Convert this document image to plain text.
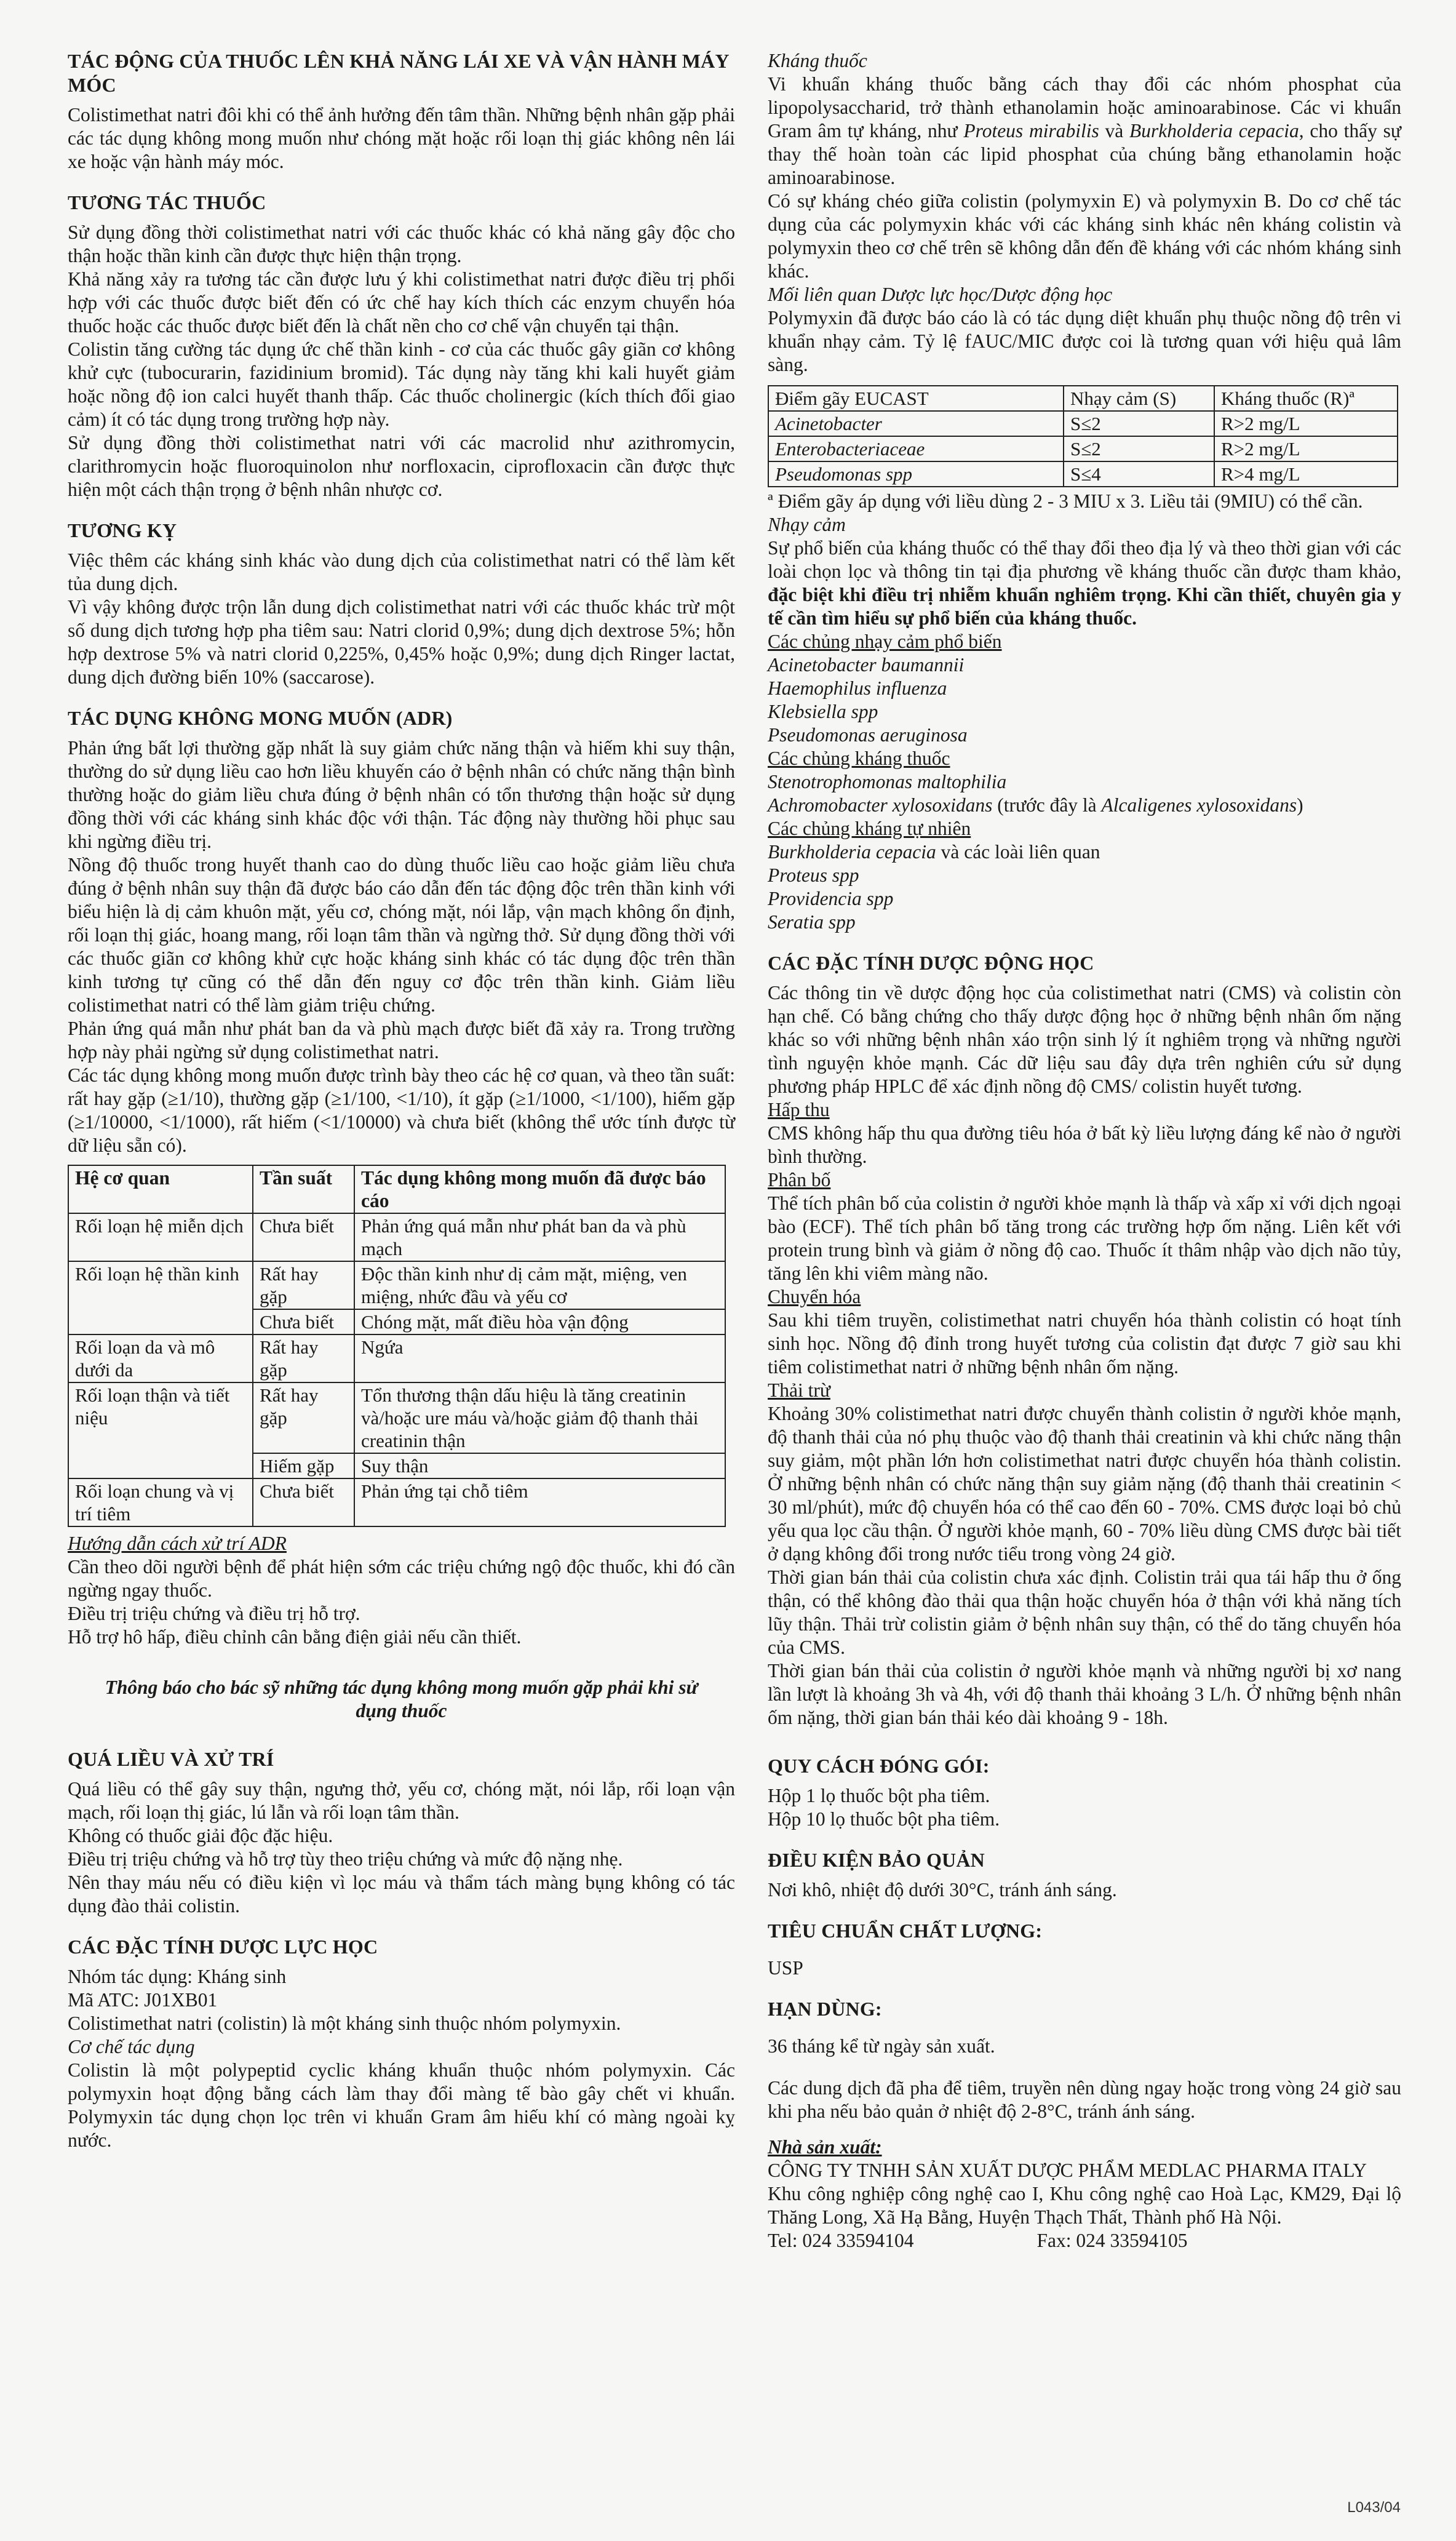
TÁC ĐỘNG CỦA THUỐC LÊN KHẢ NĂNG LÁI XE VÀ VẬN HÀNH MÁY MÓC

Colistimethat natri đôi khi có thể ảnh hưởng đến tâm thần. Những bệnh nhân gặp phải các tác dụng không mong muốn như chóng mặt hoặc rối loạn thị giác không nên lái xe hoặc vận hành máy móc.

TƯƠNG TÁC THUỐC

Sử dụng đồng thời colistimethat natri với các thuốc khác có khả năng gây độc cho thận hoặc thần kinh cần được thực hiện thận trọng.

Khả năng xảy ra tương tác cần được lưu ý khi colistimethat natri được điều trị phối hợp với các thuốc được biết đến có ức chế hay kích thích các enzym chuyển hóa thuốc hoặc các thuốc được biết đến là chất nền cho cơ chế vận chuyển tại thận.

Colistin tăng cường tác dụng ức chế thần kinh - cơ của các thuốc gây giãn cơ không khử cực (tubocurarin, fazidinium bromid). Tác dụng này tăng khi kali huyết giảm hoặc nồng độ ion calci huyết thanh thấp. Các thuốc cholinergic (kích thích đối giao cảm) ít có tác dụng trong trường hợp này.

Sử dụng đồng thời colistimethat natri với các macrolid như azithromycin, clarithromycin hoặc fluoroquinolon như norfloxacin, ciprofloxacin cần được thực hiện một cách thận trọng ở bệnh nhân nhược cơ.

TƯƠNG KỴ

Việc thêm các kháng sinh khác vào dung dịch của colistimethat natri có thể làm kết tủa dung dịch.

Vì vậy không được trộn lẫn dung dịch colistimethat natri với các thuốc khác trừ một số dung dịch tương hợp pha tiêm sau: Natri clorid 0,9%; dung dịch dextrose 5%; hỗn hợp dextrose 5% và natri clorid 0,225%, 0,45% hoặc 0,9%; dung dịch Ringer lactat, dung dịch đường biến 10% (saccarose).

TÁC DỤNG KHÔNG MONG MUỐN (ADR)

Phản ứng bất lợi thường gặp nhất là suy giảm chức năng thận và hiếm khi suy thận, thường do sử dụng liều cao hơn liều khuyến cáo ở bệnh nhân có chức năng thận bình thường hoặc do giảm liều chưa đúng ở bệnh nhân có tổn thương thận hoặc sử dụng đồng thời với các kháng sinh khác độc với thận. Tác động này thường hồi phục sau khi ngừng điều trị.

Nồng độ thuốc trong huyết thanh cao do dùng thuốc liều cao hoặc giảm liều chưa đúng ở bệnh nhân suy thận đã được báo cáo dẫn đến tác động độc trên thần kinh với biểu hiện là dị cảm khuôn mặt, yếu cơ, chóng mặt, nói lắp, vận mạch không ổn định, rối loạn thị giác, hoang mang, rối loạn tâm thần và ngừng thở. Sử dụng đồng thời với các thuốc giãn cơ không khử cực hoặc kháng sinh khác có tác dụng độc trên thần kinh tương tự cũng có thể dẫn đến nguy cơ độc trên thần kinh. Giảm liều colistimethat natri có thể làm giảm triệu chứng.

Phản ứng quá mẫn như phát ban da và phù mạch được biết đã xảy ra. Trong trường hợp này phải ngừng sử dụng colistimethat natri.

Các tác dụng không mong muốn được trình bày theo các hệ cơ quan, và theo tần suất: rất hay gặp (≥1/10), thường gặp (≥1/100, <1/10), ít gặp (≥1/1000, <1/100), hiếm gặp (≥1/10000, <1/1000), rất hiếm (<1/10000) và chưa biết (không thể ước tính được từ dữ liệu sẵn có).

Hệ cơ quan	Tần suất	Tác dụng không mong muốn đã được báo cáo
Rối loạn hệ miễn dịch	Chưa biết	Phản ứng quá mẫn như phát ban da và phù mạch
Rối loạn hệ thần kinh	Rất hay gặp	Độc thần kinh như dị cảm mặt, miệng, ven miệng, nhức đầu và yếu cơ
	Chưa biết	Chóng mặt, mất điều hòa vận động
Rối loạn da và mô dưới da	Rất hay gặp	Ngứa
Rối loạn thận và tiết niệu	Rất hay gặp	Tổn thương thận dấu hiệu là tăng creatinin và/hoặc ure máu và/hoặc giảm độ thanh thải creatinin thận
	Hiếm gặp	Suy thận
Rối loạn chung và vị trí tiêm	Chưa biết	Phản ứng tại chỗ tiêm

Hướng dẫn cách xử trí ADR

Cần theo dõi người bệnh để phát hiện sớm các triệu chứng ngộ độc thuốc, khi đó cần ngừng ngay thuốc.

Điều trị triệu chứng và điều trị hỗ trợ.

Hỗ trợ hô hấp, điều chỉnh cân bằng điện giải nếu cần thiết.

Thông báo cho bác sỹ những tác dụng không mong muốn gặp phải khi sử dụng thuốc

QUÁ LIỀU VÀ XỬ TRÍ

Quá liều có thể gây suy thận, ngưng thở, yếu cơ, chóng mặt, nói lắp, rối loạn vận mạch, rối loạn thị giác, lú lẫn và rối loạn tâm thần.

Không có thuốc giải độc đặc hiệu.

Điều trị triệu chứng và hỗ trợ tùy theo triệu chứng và mức độ nặng nhẹ.

Nên thay máu nếu có điều kiện vì lọc máu và thẩm tách màng bụng không có tác dụng đào thải colistin.

CÁC ĐẶC TÍNH DƯỢC LỰC HỌC

Nhóm tác dụng: Kháng sinh

Mã ATC: J01XB01

Colistimethat natri (colistin) là một kháng sinh thuộc nhóm polymyxin.

Cơ chế tác dụng

Colistin là một polypeptid cyclic kháng khuẩn thuộc nhóm polymyxin. Các polymyxin hoạt động bằng cách làm thay đổi màng tế bào gây chết vi khuẩn. Polymyxin tác dụng chọn lọc trên vi khuẩn Gram âm hiếu khí có màng ngoài kỵ nước.

Kháng thuốc

Vi khuẩn kháng thuốc bằng cách thay đổi các nhóm phosphat của lipopolysaccharid, trở thành ethanolamin hoặc aminoarabinose. Các vi khuẩn Gram âm tự kháng, như Proteus mirabilis và Burkholderia cepacia, cho thấy sự thay thế hoàn toàn các lipid phosphat của chúng bằng ethanolamin hoặc aminoarabinose.

Có sự kháng chéo giữa colistin (polymyxin E) và polymyxin B. Do cơ chế tác dụng của các polymyxin khác với các kháng sinh khác nên kháng colistin và polymyxin theo cơ chế trên sẽ không dẫn đến đề kháng với các nhóm kháng sinh khác.

Mối liên quan Dược lực học/Dược động học

Polymyxin đã được báo cáo là có tác dụng diệt khuẩn phụ thuộc nồng độ trên vi khuẩn nhạy cảm. Tỷ lệ fAUC/MIC được coi là tương quan với hiệu quả lâm sàng.

Điểm gãy EUCAST	Nhạy cảm (S)	Kháng thuốc (R)ª
Acinetobacter	S≤2	R>2 mg/L
Enterobacteriaceae	S≤2	R>2 mg/L
Pseudomonas spp	S≤4	R>4 mg/L

ª Điểm gãy áp dụng với liều dùng 2 - 3 MIU x 3. Liều tải (9MIU) có thể cần.

Nhạy cảm

Sự phổ biến của kháng thuốc có thể thay đổi theo địa lý và theo thời gian với các loài chọn lọc và thông tin tại địa phương về kháng thuốc cần được tham khảo, đặc biệt khi điều trị nhiễm khuẩn nghiêm trọng. Khi cần thiết, chuyên gia y tế cần tìm hiểu sự phổ biến của kháng thuốc.

Các chủng nhạy cảm phổ biến

Acinetobacter baumannii

Haemophilus influenza

Klebsiella spp

Pseudomonas aeruginosa

Các chủng kháng thuốc

Stenotrophomonas maltophilia

Achromobacter xylosoxidans (trước đây là Alcaligenes xylosoxidans)

Các chủng kháng tự nhiên

Burkholderia cepacia và các loài liên quan

Proteus spp

Providencia spp

Seratia spp

CÁC ĐẶC TÍNH DƯỢC ĐỘNG HỌC

Các thông tin về dược động học của colistimethat natri (CMS) và colistin còn hạn chế. Có bằng chứng cho thấy dược động học ở những bệnh nhân ốm nặng khác so với những bệnh nhân xáo trộn sinh lý ít nghiêm trọng và những người tình nguyện khỏe mạnh. Các dữ liệu sau đây dựa trên nghiên cứu sử dụng phương pháp HPLC để xác định nồng độ CMS/ colistin huyết tương.

Hấp thu

CMS không hấp thu qua đường tiêu hóa ở bất kỳ liều lượng đáng kể nào ở người bình thường.

Phân bố

Thể tích phân bố của colistin ở người khỏe mạnh là thấp và xấp xỉ với dịch ngoại bào (ECF). Thể tích phân bố tăng trong các trường hợp ốm nặng. Liên kết với protein trung bình và giảm ở nồng độ cao. Thuốc ít thâm nhập vào dịch não tủy, tăng lên khi viêm màng não.

Chuyển hóa

Sau khi tiêm truyền, colistimethat natri chuyển hóa thành colistin có hoạt tính sinh học. Nồng độ đỉnh trong huyết tương của colistin đạt được 7 giờ sau khi tiêm colistimethat natri ở những bệnh nhân ốm nặng.

Thải trừ

Khoảng 30% colistimethat natri được chuyển thành colistin ở người khỏe mạnh, độ thanh thải của nó phụ thuộc vào độ thanh thải creatinin và khi chức năng thận suy giảm, một phần lớn hơn colistimethat natri được chuyển hóa thành colistin. Ở những bệnh nhân có chức năng thận suy giảm nặng (độ thanh thải creatinin < 30 ml/phút), mức độ chuyển hóa có thể cao đến 60 - 70%. CMS được loại bỏ chủ yếu qua lọc cầu thận. Ở người khỏe mạnh, 60 - 70% liều dùng CMS được bài tiết ở dạng không đổi trong nước tiểu trong vòng 24 giờ.

Thời gian bán thải của colistin chưa xác định. Colistin trải qua tái hấp thu ở ống thận, có thể không đào thải qua thận hoặc chuyển hóa ở thận với khả năng tích lũy thận. Thải trừ colistin giảm ở bệnh nhân suy thận, có thể do tăng chuyển hóa của CMS.

Thời gian bán thải của colistin ở người khỏe mạnh và những người bị xơ nang lần lượt là khoảng 3h và 4h, với độ thanh thải khoảng 3 L/h. Ở những bệnh nhân ốm nặng, thời gian bán thải kéo dài khoảng 9 - 18h.

QUY CÁCH ĐÓNG GÓI:

Hộp 1 lọ thuốc bột pha tiêm.

Hộp 10 lọ thuốc bột pha tiêm.

ĐIỀU KIỆN BẢO QUẢN

Nơi khô, nhiệt độ dưới 30°C, tránh ánh sáng.

TIÊU CHUẨN CHẤT LƯỢNG:

USP

HẠN DÙNG:

36 tháng kể từ ngày sản xuất.

Các dung dịch đã pha để tiêm, truyền nên dùng ngay hoặc trong vòng 24 giờ sau khi pha nếu bảo quản ở nhiệt độ 2-8°C, tránh ánh sáng.

Nhà sản xuất:

CÔNG TY TNHH SẢN XUẤT DƯỢC PHẨM MEDLAC PHARMA ITALY

Khu công nghiệp công nghệ cao I, Khu công nghệ cao Hoà Lạc, KM29, Đại lộ Thăng Long, Xã Hạ Bằng, Huyện Thạch Thất, Thành phố Hà Nội.

Tel: 024 33594104	Fax: 024 33594105

L043/04
